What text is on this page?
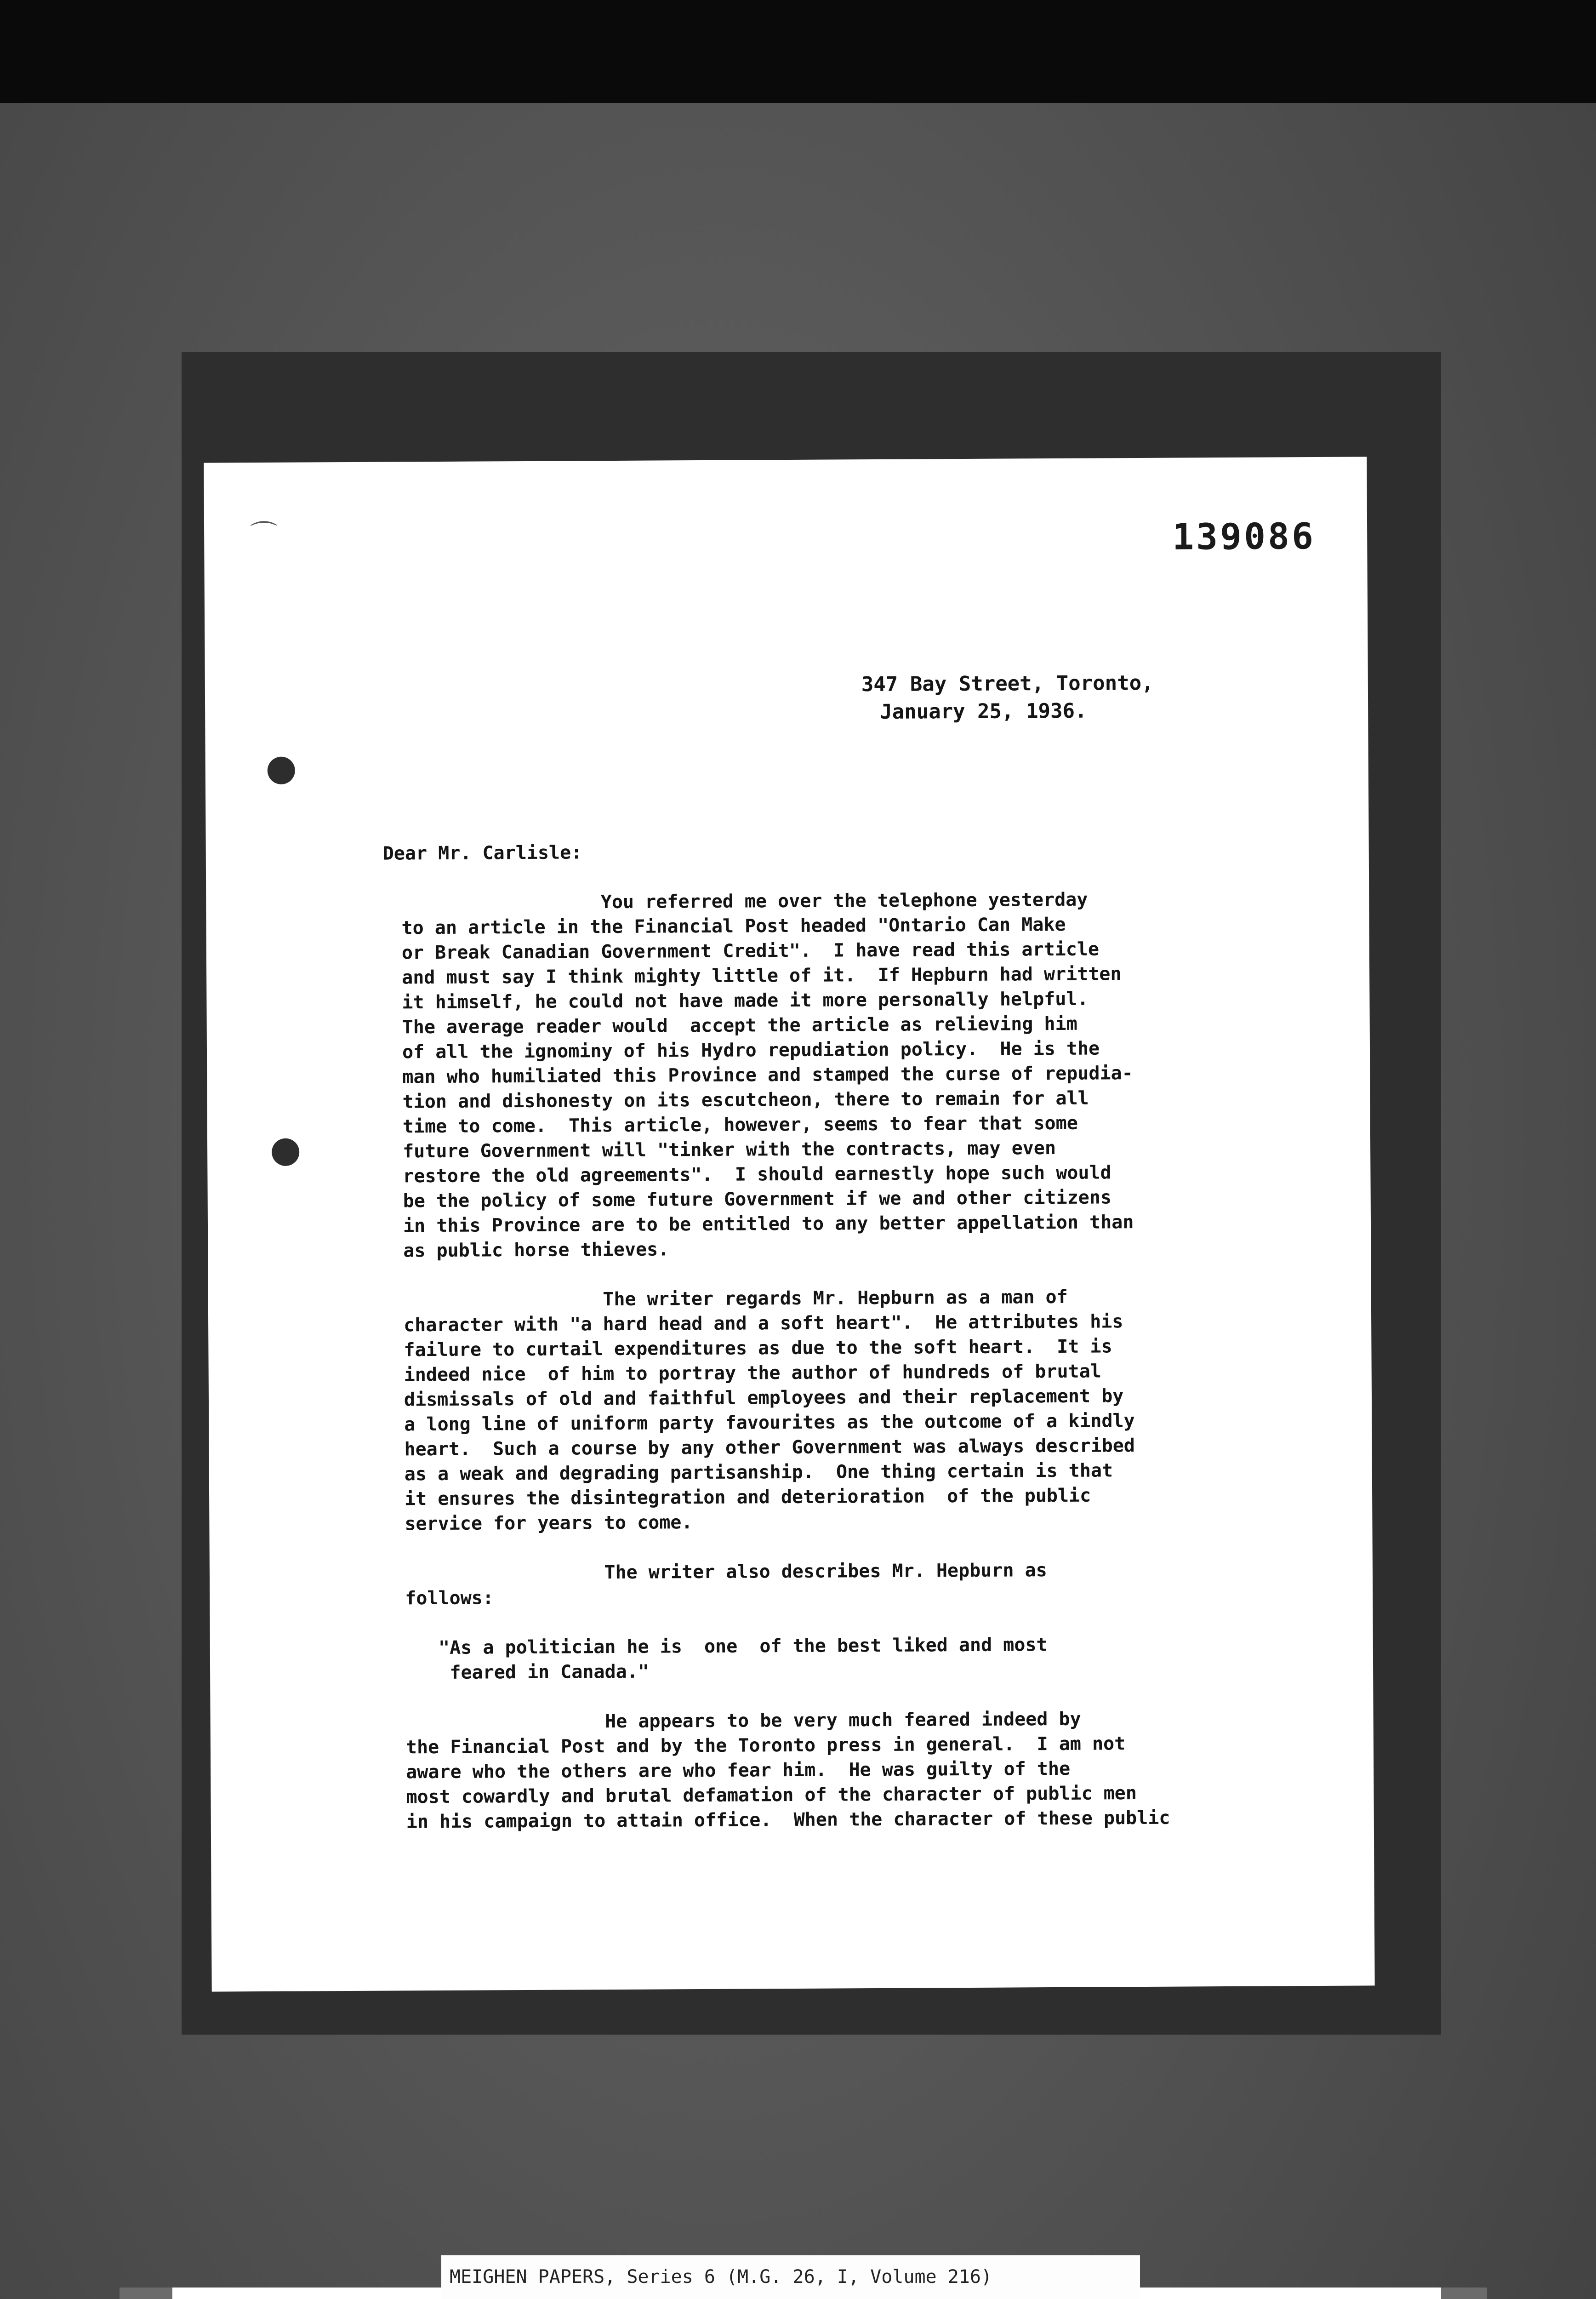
⌒	139086
347 Bay Street, Toronto,
January 25, 1936.
Dear Mr. Carlisle:
You referred me over the telephone yesterday
to an article in the Financial Post headed "Ontario Can Make
or Break Canadian Government Credit".  I have read this article
and must say I think mighty little of it.  If Hepburn had written
it himself, he could not have made it more personally helpful.
The average reader would  accept the article as relieving him
of all the ignominy of his Hydro repudiation policy.  He is the
man who humiliated this Province and stamped the curse of repudia-
tion and dishonesty on its escutcheon, there to remain for all
time to come.  This article, however, seems to fear that some
future Government will "tinker with the contracts, may even
restore the old agreements".  I should earnestly hope such would
be the policy of some future Government if we and other citizens
in this Province are to be entitled to any better appellation than
as public horse thieves.
The writer regards Mr. Hepburn as a man of
character with "a hard head and a soft heart".  He attributes his
failure to curtail expenditures as due to the soft heart.  It is
indeed nice  of him to portray the author of hundreds of brutal
dismissals of old and faithful employees and their replacement by
a long line of uniform party favourites as the outcome of a kindly
heart.  Such a course by any other Government was always described
as a weak and degrading partisanship.  One thing certain is that
it ensures the disintegration and deterioration  of the public
service for years to come.
The writer also describes Mr. Hepburn as
follows:
"As a politician he is  one  of the best liked and most
feared in Canada."
He appears to be very much feared indeed by
the Financial Post and by the Toronto press in general.  I am not
aware who the others are who fear him.  He was guilty of the
most cowardly and brutal defamation of the character of public men
in his campaign to attain office.  When the character of these public
MEIGHEN PAPERS, Series 6 (M.G. 26, I, Volume 216)
